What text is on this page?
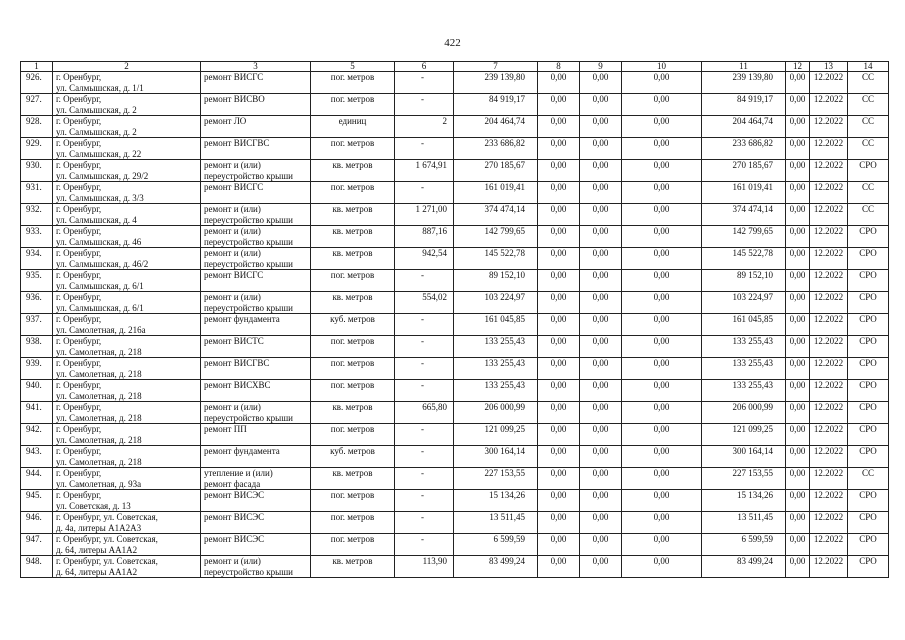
422
1	2	3	5	6	7	8	9	10	11	12	13	14
926.	г. Оренбург,
ул. Салмышская, д. 1/1	ремонт ВИСГС	пог. метров	-	239 139,80	0,00	0,00	0,00	239 139,80	0,00	12.2022	СС
927.	г. Оренбург,
ул. Салмышская, д. 2	ремонт ВИСВО	пог. метров	-	84 919,17	0,00	0,00	0,00	84 919,17	0,00	12.2022	СС
928.	г. Оренбург,
ул. Салмышская, д. 2	ремонт ЛО	единиц	2	204 464,74	0,00	0,00	0,00	204 464,74	0,00	12.2022	СС
929.	г. Оренбург,
ул. Салмышская, д. 22	ремонт ВИСГВС	пог. метров	-	233 686,82	0,00	0,00	0,00	233 686,82	0,00	12.2022	СС
930.	г. Оренбург,
ул. Салмышская, д. 29/2	ремонт и (или)
переустройство крыши	кв. метров	1 674,91	270 185,67	0,00	0,00	0,00	270 185,67	0,00	12.2022	СРО
931.	г. Оренбург,
ул. Салмышская, д. 3/3	ремонт ВИСГС	пог. метров	-	161 019,41	0,00	0,00	0,00	161 019,41	0,00	12.2022	СС
932.	г. Оренбург,
ул. Салмышская, д. 4	ремонт и (или)
переустройство крыши	кв. метров	1 271,00	374 474,14	0,00	0,00	0,00	374 474,14	0,00	12.2022	СС
933.	г. Оренбург,
ул. Салмышская, д. 46	ремонт и (или)
переустройство крыши	кв. метров	887,16	142 799,65	0,00	0,00	0,00	142 799,65	0,00	12.2022	СРО
934.	г. Оренбург,
ул. Салмышская, д. 46/2	ремонт и (или)
переустройство крыши	кв. метров	942,54	145 522,78	0,00	0,00	0,00	145 522,78	0,00	12.2022	СРО
935.	г. Оренбург,
ул. Салмышская, д. 6/1	ремонт ВИСГС	пог. метров	-	89 152,10	0,00	0,00	0,00	89 152,10	0,00	12.2022	СРО
936.	г. Оренбург,
ул. Салмышская, д. 6/1	ремонт и (или)
переустройство крыши	кв. метров	554,02	103 224,97	0,00	0,00	0,00	103 224,97	0,00	12.2022	СРО
937.	г. Оренбург,
ул. Самолетная, д. 216а	ремонт фундамента	куб. метров	-	161 045,85	0,00	0,00	0,00	161 045,85	0,00	12.2022	СРО
938.	г. Оренбург,
ул. Самолетная, д. 218	ремонт ВИСТС	пог. метров	-	133 255,43	0,00	0,00	0,00	133 255,43	0,00	12.2022	СРО
939.	г. Оренбург,
ул. Самолетная, д. 218	ремонт ВИСГВС	пог. метров	-	133 255,43	0,00	0,00	0,00	133 255,43	0,00	12.2022	СРО
940.	г. Оренбург,
ул. Самолетная, д. 218	ремонт ВИСХВС	пог. метров	-	133 255,43	0,00	0,00	0,00	133 255,43	0,00	12.2022	СРО
941.	г. Оренбург,
ул. Самолетная, д. 218	ремонт и (или)
переустройство крыши	кв. метров	665,80	206 000,99	0,00	0,00	0,00	206 000,99	0,00	12.2022	СРО
942.	г. Оренбург,
ул. Самолетная, д. 218	ремонт ПП	пог. метров	-	121 099,25	0,00	0,00	0,00	121 099,25	0,00	12.2022	СРО
943.	г. Оренбург,
ул. Самолетная, д. 218	ремонт фундамента	куб. метров	-	300 164,14	0,00	0,00	0,00	300 164,14	0,00	12.2022	СРО
944.	г. Оренбург,
ул. Самолетная, д. 93а	утепление и (или)
ремонт фасада	кв. метров	-	227 153,55	0,00	0,00	0,00	227 153,55	0,00	12.2022	СС
945.	г. Оренбург,
ул. Советская, д. 13	ремонт ВИСЭС	пог. метров	-	15 134,26	0,00	0,00	0,00	15 134,26	0,00	12.2022	СРО
946.	г. Оренбург, ул. Советская,
д. 4а, литеры А1А2А3	ремонт ВИСЭС	пог. метров	-	13 511,45	0,00	0,00	0,00	13 511,45	0,00	12.2022	СРО
947.	г. Оренбург, ул. Советская,
д. 64, литеры АА1А2	ремонт ВИСЭС	пог. метров	-	6 599,59	0,00	0,00	0,00	6 599,59	0,00	12.2022	СРО
948.	г. Оренбург, ул. Советская,
д. 64, литеры АА1А2	ремонт и (или)
переустройство крыши	кв. метров	113,90	83 499,24	0,00	0,00	0,00	83 499,24	0,00	12.2022	СРО
